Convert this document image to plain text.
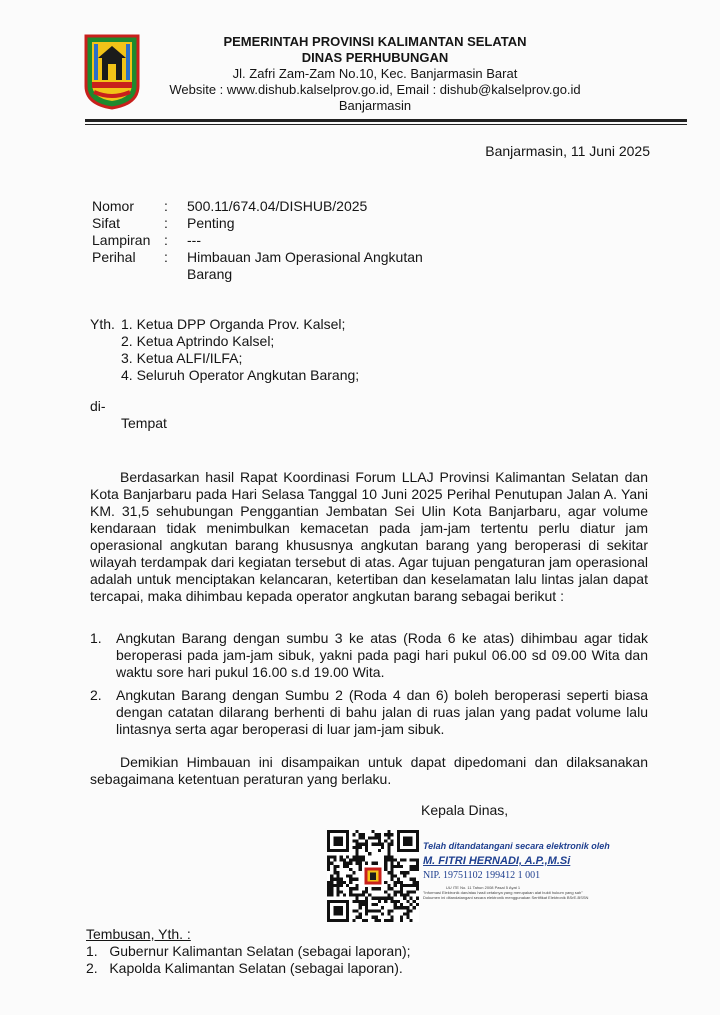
PEMERINTAH PROVINSI KALIMANTAN SELATAN
DINAS PERHUBUNGAN
Jl. Zafri Zam-Zam No.10, Kec. Banjarmasin Barat
Website : www.dishub.kalselprov.go.id, Email : dishub@kalselprov.go.id
Banjarmasin
Banjarmasin, 11 Juni 2025
Nomor	: 500.11/674.04/DISHUB/2025
Sifat	: Penting
Lampiran : ---
Perihal	: Himbauan Jam Operasional Angkutan Barang
Yth. 1. Ketua DPP Organda Prov. Kalsel;
2. Ketua Aptrindo Kalsel;
3. Ketua ALFI/ILFA;
4. Seluruh Operator Angkutan Barang;
di-
Tempat
Berdasarkan hasil Rapat Koordinasi Forum LLAJ Provinsi Kalimantan Selatan dan Kota Banjarbaru pada Hari Selasa Tanggal 10 Juni 2025 Perihal Penutupan Jalan A. Yani KM. 31,5 sehubungan Penggantian Jembatan Sei Ulin Kota Banjarbaru, agar volume kendaraan tidak menimbulkan kemacetan pada jam-jam tertentu perlu diatur jam operasional angkutan barang khususnya angkutan barang yang beroperasi di sekitar wilayah terdampak dari kegiatan tersebut di atas. Agar tujuan pengaturan jam operasional adalah untuk menciptakan kelancaran, ketertiban dan keselamatan lalu lintas jalan dapat tercapai, maka dihimbau kepada operator angkutan barang sebagai berikut :
1. Angkutan Barang dengan sumbu 3 ke atas (Roda 6 ke atas) dihimbau agar tidak beroperasi pada jam-jam sibuk, yakni pada pagi hari pukul 06.00 sd 09.00 Wita dan waktu sore hari pukul 16.00 s.d 19.00 Wita.
2. Angkutan Barang dengan Sumbu 2 (Roda 4 dan 6) boleh beroperasi seperti biasa dengan catatan dilarang berhenti di bahu jalan di ruas jalan yang padat volume lalu lintasnya serta agar beroperasi di luar jam-jam sibuk.
Demikian Himbauan ini disampaikan untuk dapat dipedomani dan dilaksanakan sebagaimana ketentuan peraturan yang berlaku.
Kepala Dinas,
Telah ditandatangani secara elektronik oleh
M. FITRI HERNADI, A.P.,M.Si
NIP. 19751102 199412 1 001
UU ITE No. 11 Tahun 2008 Pasal 5 Ayat 1
"Informasi Elektronik dan/atau hasil cetaknya yang merupakan alat bukti hukum yang sah"
Dokumen ini ditandatangani secara elektronik menggunakan Sertifikat Elektronik BSrE-BSSN
Tembusan, Yth. :
1.   Gubernur Kalimantan Selatan (sebagai laporan);
2.   Kapolda Kalimantan Selatan (sebagai laporan).
